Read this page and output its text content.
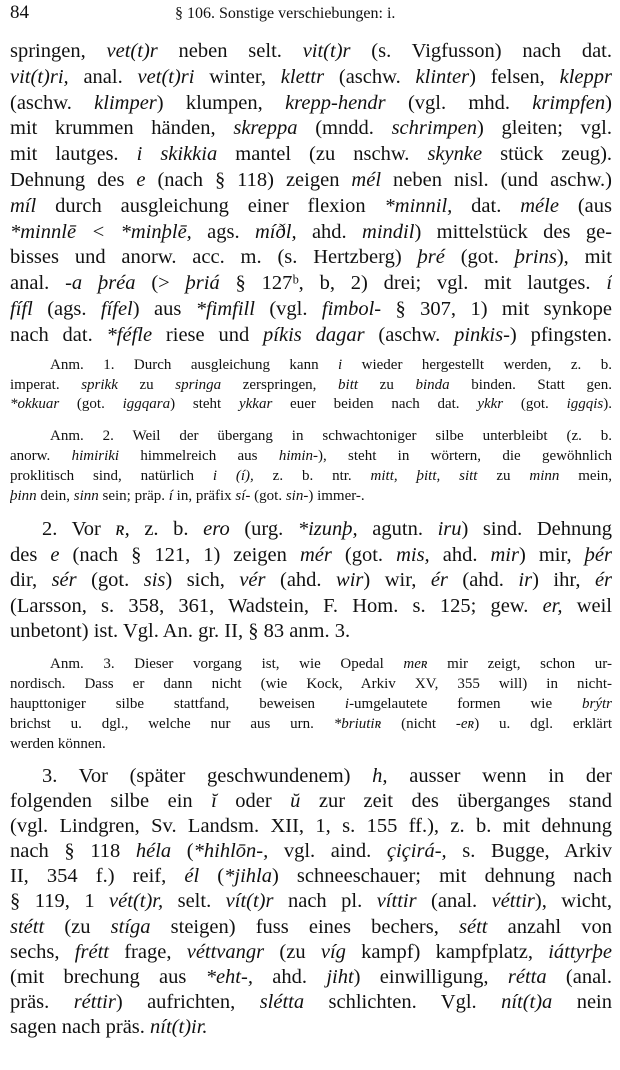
84	§ 106. Sonstige verschiebungen: i.
springen, vet(t)r neben selt. vit(t)r (s. Vigfusson) nach dat.
vit(t)ri, anal. vet(t)ri winter, klettr (aschw. klinter) felsen, kleppr
(aschw. klimper) klumpen, krepp-hendr (vgl. mhd. krimpfen)
mit krummen händen, skreppa (mndd. schrimpen) gleiten; vgl.
mit lautges. i skikkia mantel (zu nschw. skynke stück zeug).
Dehnung des e (nach § 118) zeigen mél neben nisl. (und aschw.)
míl durch ausgleichung einer flexion *minnil, dat. méle (aus
*minnlē < *minþlē, ags. míðl, ahd. mindil) mittelstück des ge-
bisses und anorw. acc. m. (s. Hertzberg) þré (got. þrins), mit
anal. -a þréa (> þriá § 127ᵇ, b, 2) drei; vgl. mit lautges. í
fífl (ags. fífel) aus *fimfill (vgl. fimbol- § 307, 1) mit synkope
nach dat. *féfle riese und píkis dagar (aschw. pinkis-) pfingsten.
Anm. 1. Durch ausgleichung kann i wieder hergestellt werden, z. b.
imperat. sprikk zu springa zerspringen, bitt zu binda binden. Statt gen.
*okkuar (got. iggqara) steht ykkar euer beiden nach dat. ykkr (got. iggqis).
Anm. 2. Weil der übergang in schwachtoniger silbe unterbleibt (z. b.
anorw. himiriki himmelreich aus himin-), steht in wörtern, die gewöhnlich
proklitisch sind, natürlich i (í), z. b. ntr. mitt, þitt, sitt zu minn mein,
þinn dein, sinn sein; präp. í in, präfix sí- (got. sin-) immer-.
2. Vor ʀ, z. b. ero (urg. *izunþ, agutn. iru) sind. Dehnung
des e (nach § 121, 1) zeigen mér (got. mis, ahd. mir) mir, þér
dir, sér (got. sis) sich, vér (ahd. wir) wir, ér (ahd. ir) ihr, ér
(Larsson, s. 358, 361, Wadstein, F. Hom. s. 125; gew. er, weil
unbetont) ist. Vgl. An. gr. II, § 83 anm. 3.
Anm. 3. Dieser vorgang ist, wie Opedal meʀ mir zeigt, schon ur-
nordisch. Dass er dann nicht (wie Kock, Arkiv XV, 355 will) in nicht-
haupttoniger silbe stattfand, beweisen i-umgelautete formen wie brýtr
brichst u. dgl., welche nur aus urn. *briutiʀ (nicht -eʀ) u. dgl. erklärt
werden können.
3. Vor (später geschwundenem) h, ausser wenn in der
folgenden silbe ein ĭ oder ŭ zur zeit des überganges stand
(vgl. Lindgren, Sv. Landsm. XII, 1, s. 155 ff.), z. b. mit dehnung
nach § 118 héla (*hihlōn-, vgl. aind. çiçirá-, s. Bugge, Arkiv
II, 354 f.) reif, él (*jihla) schneeschauer; mit dehnung nach
§ 119, 1 vét(t)r, selt. vít(t)r nach pl. víttir (anal. véttir), wicht,
stétt (zu stíga steigen) fuss eines bechers, sétt anzahl von
sechs, frétt frage, véttvangr (zu víg kampf) kampfplatz, iáttyrþe
(mit brechung aus *eht-, ahd. jiht) einwilligung, rétta (anal.
präs. réttir) aufrichten, slétta schlichten. Vgl. nít(t)a nein
sagen nach präs. nít(t)ir.
